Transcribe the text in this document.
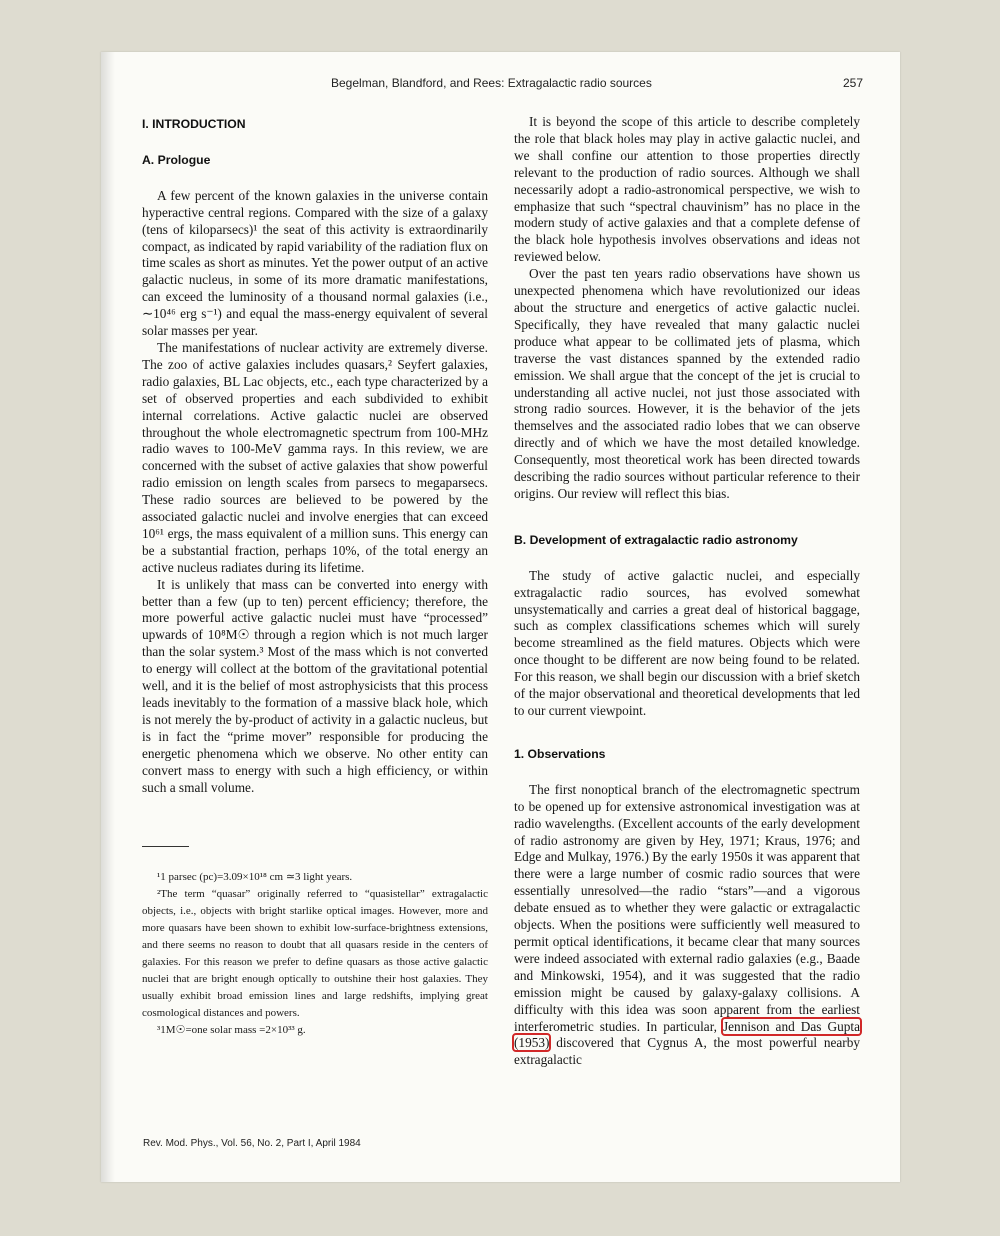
Begelman, Blandford, and Rees: Extragalactic radio sources	257
I. INTRODUCTION
A. Prologue

A few percent of the known galaxies in the universe contain hyperactive central regions. Compared with the size of a galaxy (tens of kiloparsecs)¹ the seat of this activity is extraordinarily compact, as indicated by rapid variability of the radiation flux on time scales as short as minutes. Yet the power output of an active galactic nucleus, in some of its more dramatic manifestations, can exceed the luminosity of a thousand normal galaxies (i.e., ∼10⁴⁶ erg s⁻¹) and equal the mass-energy equivalent of several solar masses per year.

The manifestations of nuclear activity are extremely diverse. The zoo of active galaxies includes quasars,² Seyfert galaxies, radio galaxies, BL Lac objects, etc., each type characterized by a set of observed properties and each subdivided to exhibit internal correlations. Active galactic nuclei are observed throughout the whole electromagnetic spectrum from 100-MHz radio waves to 100-MeV gamma rays. In this review, we are concerned with the subset of active galaxies that show powerful radio emission on length scales from parsecs to megaparsecs. These radio sources are believed to be powered by the associated galactic nuclei and involve energies that can exceed 10⁶¹ ergs, the mass equivalent of a million suns. This energy can be a substantial fraction, perhaps 10%, of the total energy an active nucleus radiates during its lifetime.

It is unlikely that mass can be converted into energy with better than a few (up to ten) percent efficiency; therefore, the more powerful active galactic nuclei must have “processed” upwards of 10⁸M☉ through a region which is not much larger than the solar system.³ Most of the mass which is not converted to energy will collect at the bottom of the gravitational potential well, and it is the belief of most astrophysicists that this process leads inevitably to the formation of a massive black hole, which is not merely the by-product of activity in a galactic nucleus, but is in fact the “prime mover” responsible for producing the energetic phenomena which we observe. No other entity can convert mass to energy with such a high efficiency, or within such a small volume.

¹1 parsec (pc)=3.09×10¹⁸ cm ≃3 light years.

²The term “quasar” originally referred to “quasistellar” extragalactic objects, i.e., objects with bright starlike optical images. However, more and more quasars have been shown to exhibit low-surface-brightness extensions, and there seems no reason to doubt that all quasars reside in the centers of galaxies. For this reason we prefer to define quasars as those active galactic nuclei that are bright enough optically to outshine their host galaxies. They usually exhibit broad emission lines and large redshifts, implying great cosmological distances and powers.

³1M☉=one solar mass =2×10³³ g.

It is beyond the scope of this article to describe completely the role that black holes may play in active galactic nuclei, and we shall confine our attention to those properties directly relevant to the production of radio sources. Although we shall necessarily adopt a radio-astronomical perspective, we wish to emphasize that such “spectral chauvinism” has no place in the modern study of active galaxies and that a complete defense of the black hole hypothesis involves observations and ideas not reviewed below.

Over the past ten years radio observations have shown us unexpected phenomena which have revolutionized our ideas about the structure and energetics of active galactic nuclei. Specifically, they have revealed that many galactic nuclei produce what appear to be collimated jets of plasma, which traverse the vast distances spanned by the extended radio emission. We shall argue that the concept of the jet is crucial to understanding all active nuclei, not just those associated with strong radio sources. However, it is the behavior of the jets themselves and the associated radio lobes that we can observe directly and of which we have the most detailed knowledge. Consequently, most theoretical work has been directed towards describing the radio sources without particular reference to their origins. Our review will reflect this bias.

B. Development of extragalactic radio astronomy

The study of active galactic nuclei, and especially extragalactic radio sources, has evolved somewhat unsystematically and carries a great deal of historical baggage, such as complex classifications schemes which will surely become streamlined as the field matures. Objects which were once thought to be different are now being found to be related. For this reason, we shall begin our discussion with a brief sketch of the major observational and theoretical developments that led to our current viewpoint.

1. Observations

The first nonoptical branch of the electromagnetic spectrum to be opened up for extensive astronomical investigation was at radio wavelengths. (Excellent accounts of the early development of radio astronomy are given by Hey, 1971; Kraus, 1976; and Edge and Mulkay, 1976.) By the early 1950s it was apparent that there were a large number of cosmic radio sources that were essentially unresolved—the radio “stars”—and a vigorous debate ensued as to whether they were galactic or extragalactic objects. When the positions were sufficiently well measured to permit optical identifications, it became clear that many sources were indeed associated with external radio galaxies (e.g., Baade and Minkowski, 1954), and it was suggested that the radio emission might be caused by galaxy-galaxy collisions. A difficulty with this idea was soon apparent from the earliest interferometric studies. In particular, Jennison and Das Gupta (1953) discovered that Cygnus A, the most powerful nearby extragalactic

Rev. Mod. Phys., Vol. 56, No. 2, Part I, April 1984
